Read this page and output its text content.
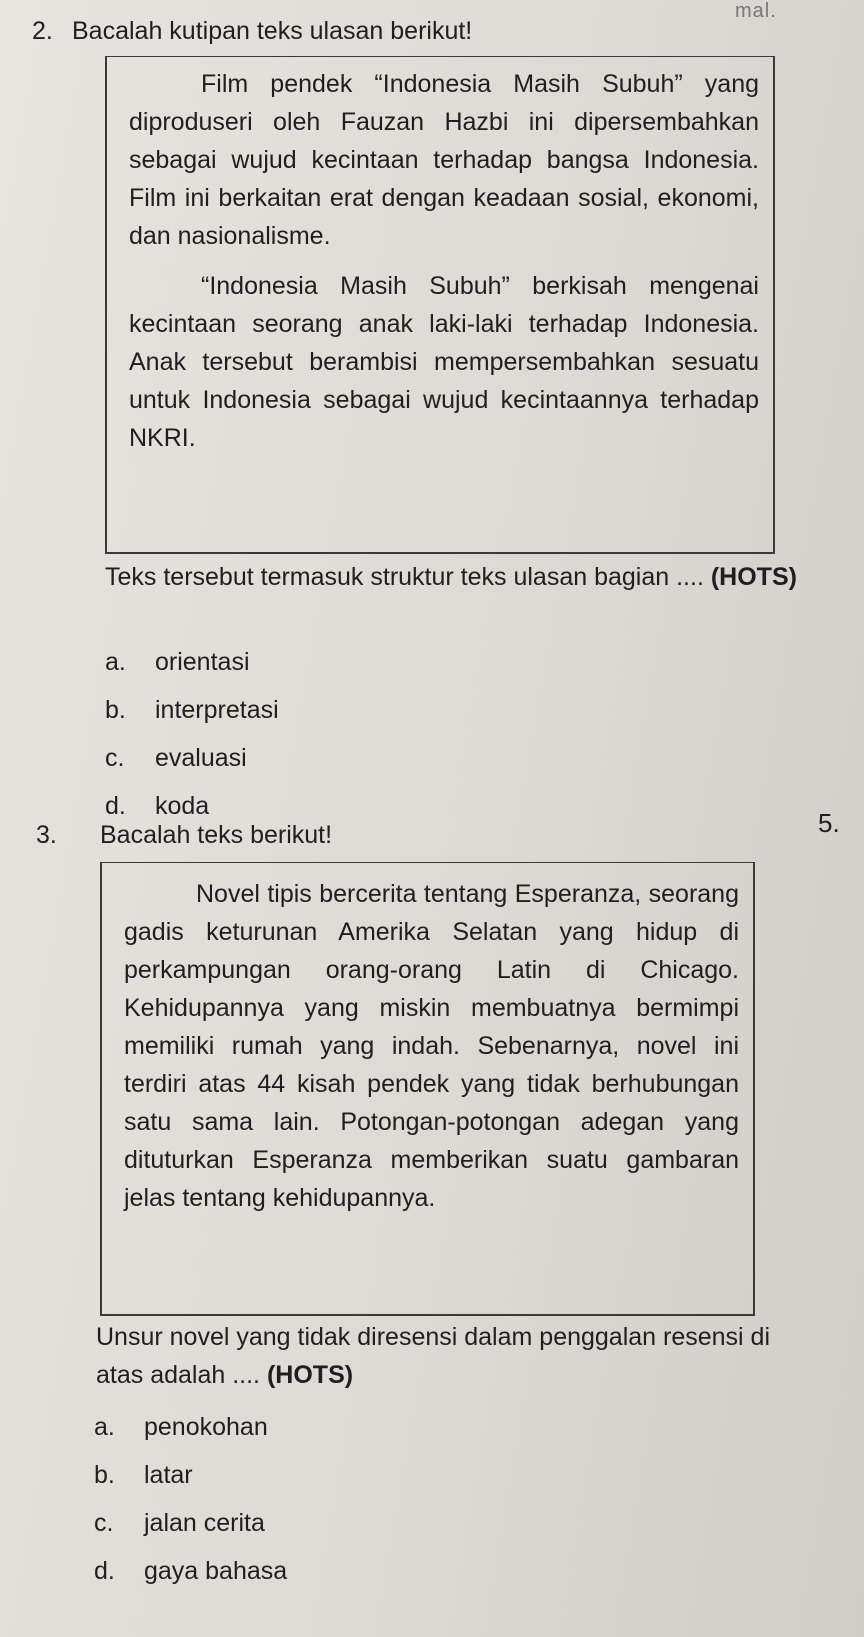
mal.
2. Bacalah kutipan teks ulasan berikut!

Film pendek “Indonesia Masih Subuh” yang diproduseri oleh Fauzan Hazbi ini dipersembahkan sebagai wujud kecintaan terhadap bangsa Indonesia. Film ini berkaitan erat dengan keadaan sosial, ekonomi, dan nasionalisme.

“Indonesia Masih Subuh” berkisah mengenai kecintaan seorang anak laki-laki terhadap Indonesia. Anak tersebut berambisi mempersembahkan sesuatu untuk Indonesia sebagai wujud kecintaannya terhadap NKRI.

Teks tersebut termasuk struktur teks ulasan bagian .... (HOTS)
a. orientasi
b. interpretasi
c. evaluasi
d. koda
5.
3. Bacalah teks berikut!

Novel tipis bercerita tentang Esperanza, seorang gadis keturunan Amerika Selatan yang hidup di perkampungan orang-orang Latin di Chicago. Kehidupannya yang miskin membuatnya bermimpi memiliki rumah yang indah. Sebenarnya, novel ini terdiri atas 44 kisah pendek yang tidak berhubungan satu sama lain. Potongan-potongan adegan yang dituturkan Esperanza memberikan suatu gambaran jelas tentang kehidupannya.

Unsur novel yang tidak diresensi dalam penggalan resensi di atas adalah .... (HOTS)
a. penokohan
b. latar
c. jalan cerita
d. gaya bahasa
